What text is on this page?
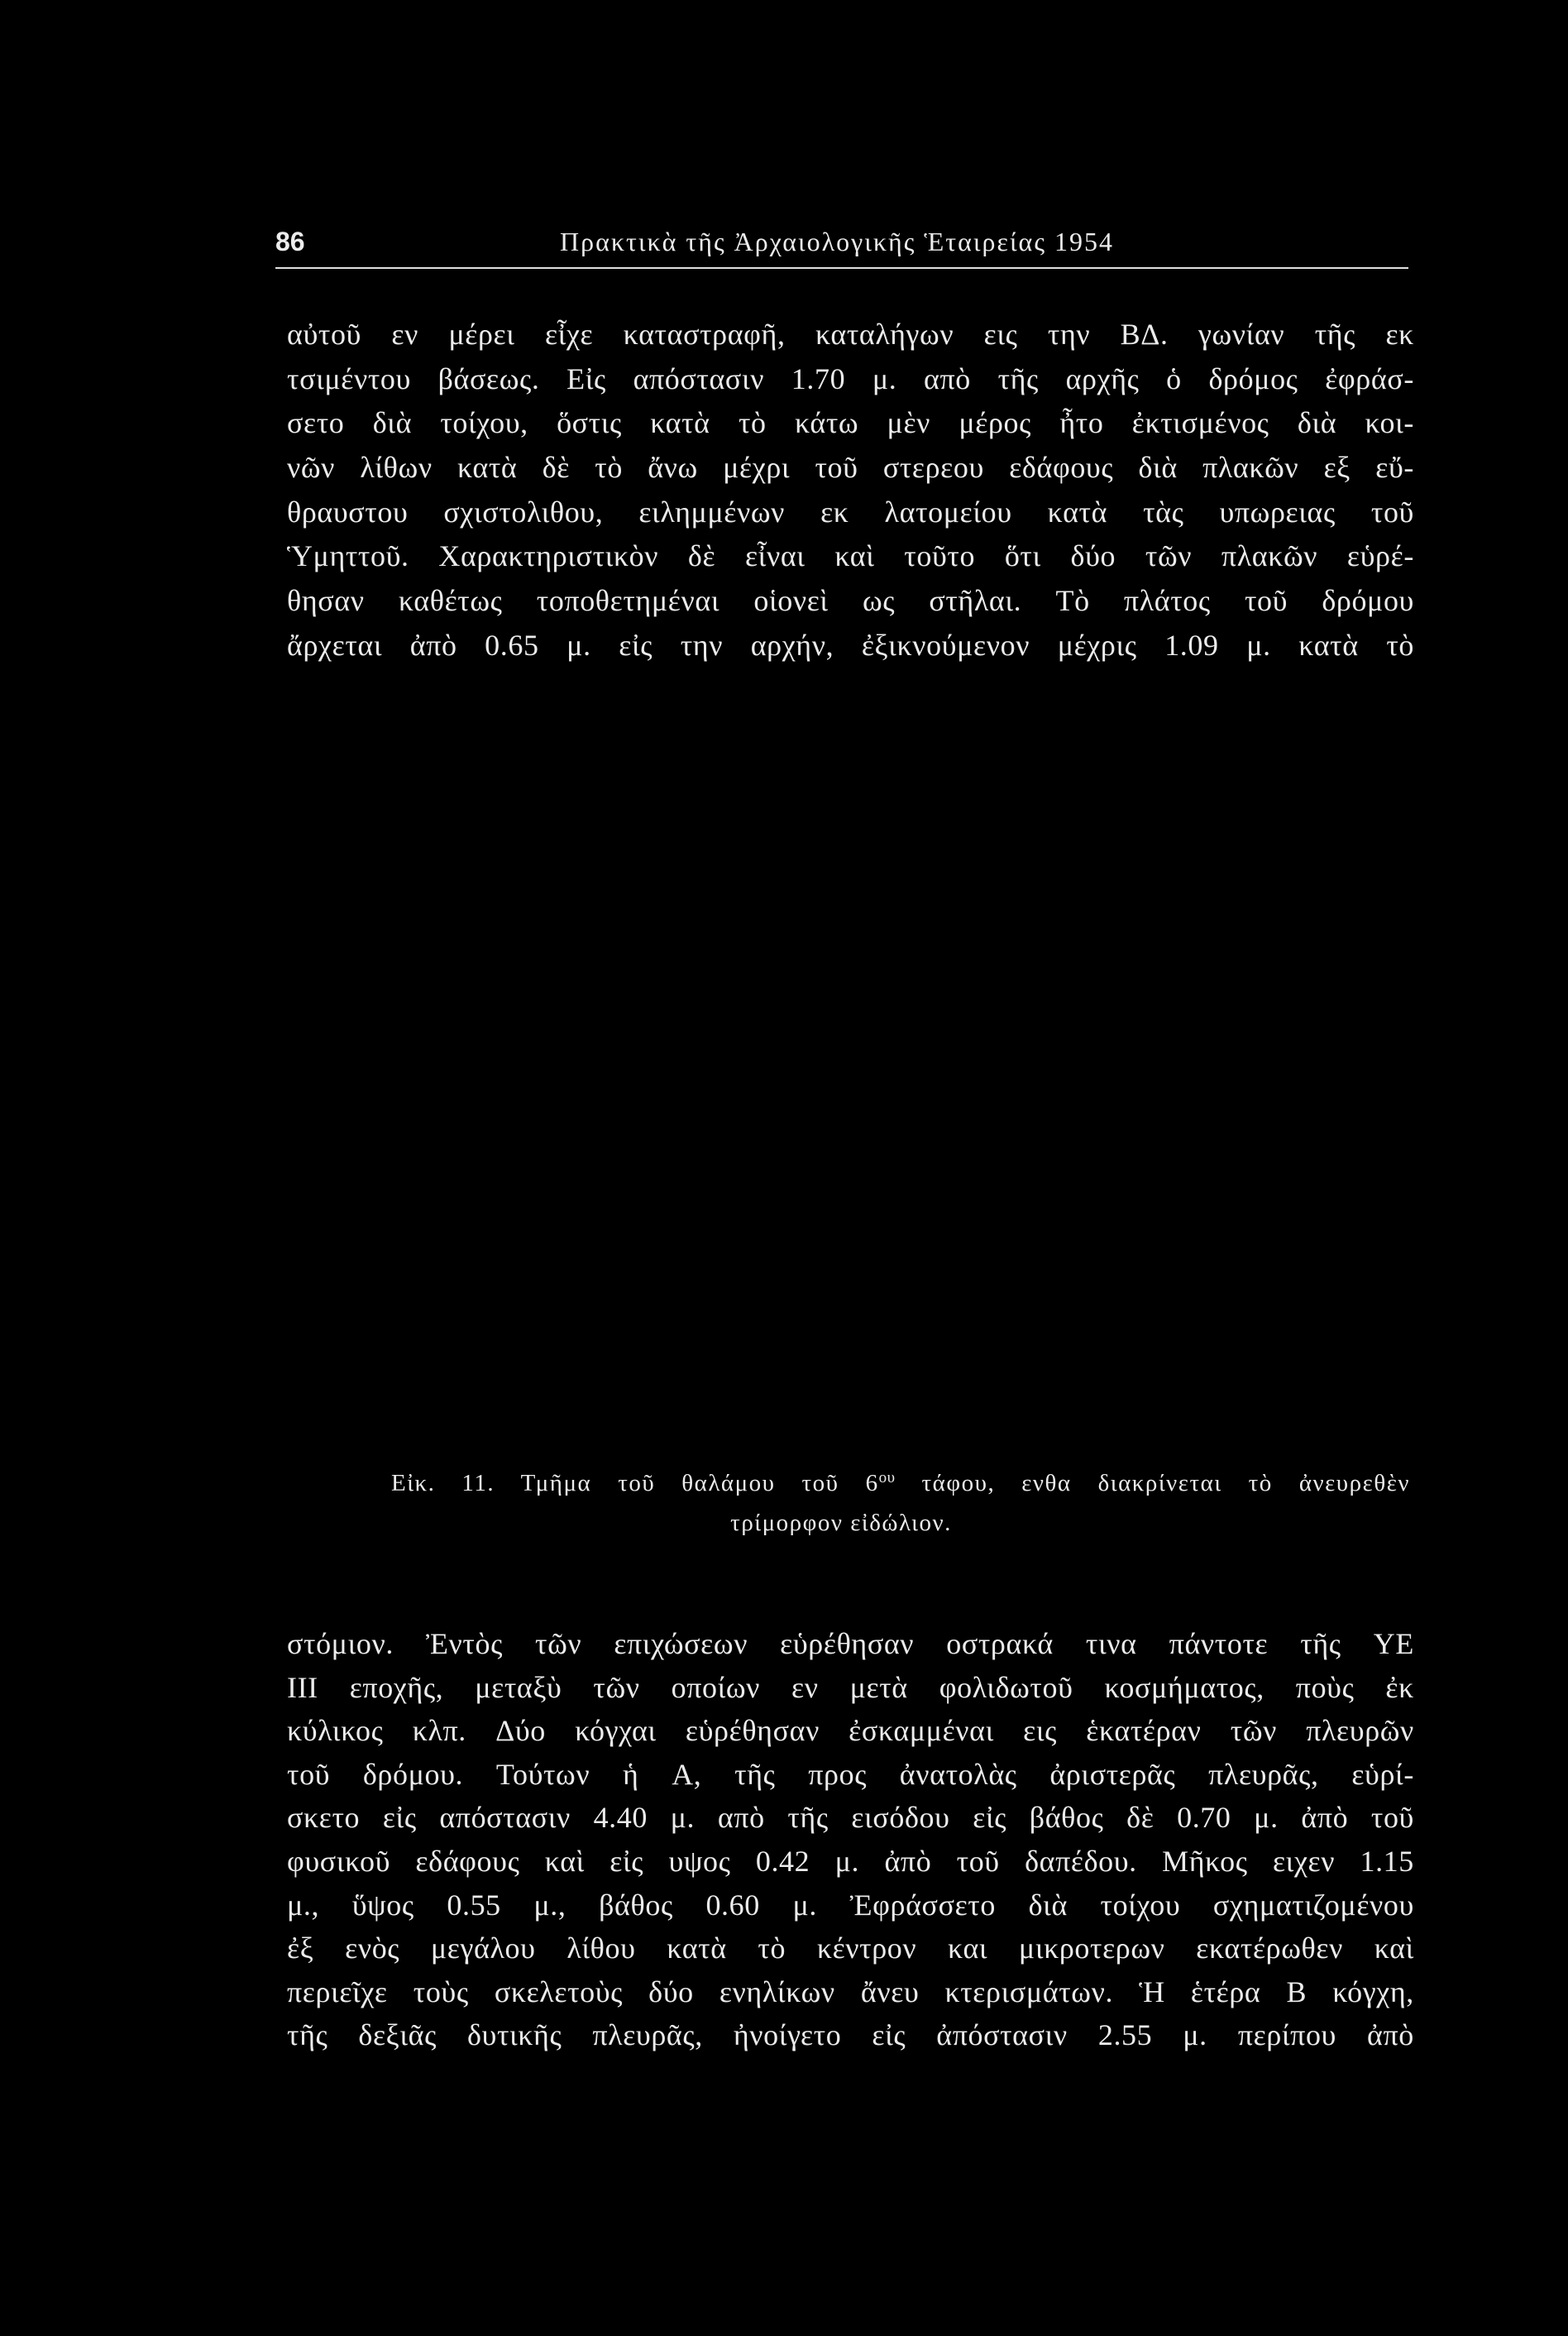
86	Πρακτικὰ τῆς Ἀρχαιολογικῆς Ἑταιρείας 1954
αὐτοῦ εν μέρει εἶχε καταστραφῆ, καταλήγων εις την ΒΔ. γωνίαν τῆς εκ
τσιμέντου βάσεως. Εἰς απόστασιν 1.70 μ. απὸ τῆς αρχῆς ὁ δρόμος ἐφράσ-
σετο διὰ τοίχου, ὅστις κατὰ τὸ κάτω μὲν μέρος ἦτο ἐκτισμένος διὰ κοι-
νῶν λίθων κατὰ δὲ τὸ ἄνω μέχρι τοῦ στερεου εδάφους διὰ πλακῶν εξ εὔ-
θραυστου σχιστολιθου, ειλημμένων εκ λατομείου κατὰ τὰς υπωρειας τοῦ
Ὑμηττοῦ. Χαρακτηριστικὸν δὲ εἶναι καὶ τοῦτο ὅτι δύο τῶν πλακῶν εὑρέ-
θησαν καθέτως τοποθετημέναι οἱονεὶ ως στῆλαι. Τὸ πλάτος τοῦ δρόμου
ἄρχεται ἀπὸ 0.65 μ. εἰς την αρχήν, ἐξικνούμενον μέχρις 1.09 μ. κατὰ τὸ
Εἰκ. 11. Τμῆμα τοῦ θαλάμου τοῦ $6^{o\upsilon}$ τάφου, ενθα διακρίνεται τὸ ἀνευρεθὲν
τρίμορφον εἰδώλιον.
στόμιον. Ἐντὸς τῶν επιχώσεων εὑρέθησαν οστρακά τινα πάντοτε τῆς ΥΕ
ΙΙΙ εποχῆς, μεταξὺ τῶν οποίων εν μετὰ φολιδωτοῦ κοσμήματος, ποὺς ἐκ
κύλικος κλπ. Δύο κόγχαι εὑρέθησαν ἐσκαμμέναι εις ἑκατέραν τῶν πλευρῶν
τοῦ δρόμου. Τούτων ἡ Α, τῆς προς ἀνατολὰς ἀριστερᾶς πλευρᾶς, εὑρί-
σκετο εἰς απόστασιν 4.40 μ. απὸ τῆς εισόδου εἰς βάθος δὲ 0.70 μ. ἀπὸ τοῦ
φυσικοῦ εδάφους καὶ εἰς υψος 0.42 μ. ἀπὸ τοῦ δαπέδου. Μῆκος ειχεν 1.15
μ., ὕψος 0.55 μ., βάθος 0.60 μ. Ἐφράσσετο διὰ τοίχου σχηματιζομένου
ἐξ ενὸς μεγάλου λίθου κατὰ τὸ κέντρον και μικροτερων εκατέρωθεν καὶ
περιεῖχε τοὺς σκελετοὺς δύο ενηλίκων ἄνευ κτερισμάτων. Ἡ ἑτέρα Β κόγχη,
τῆς δεξιᾶς δυτικῆς πλευρᾶς, ἠνοίγετο εἰς ἀπόστασιν 2.55 μ. περίπου ἀπὸ
